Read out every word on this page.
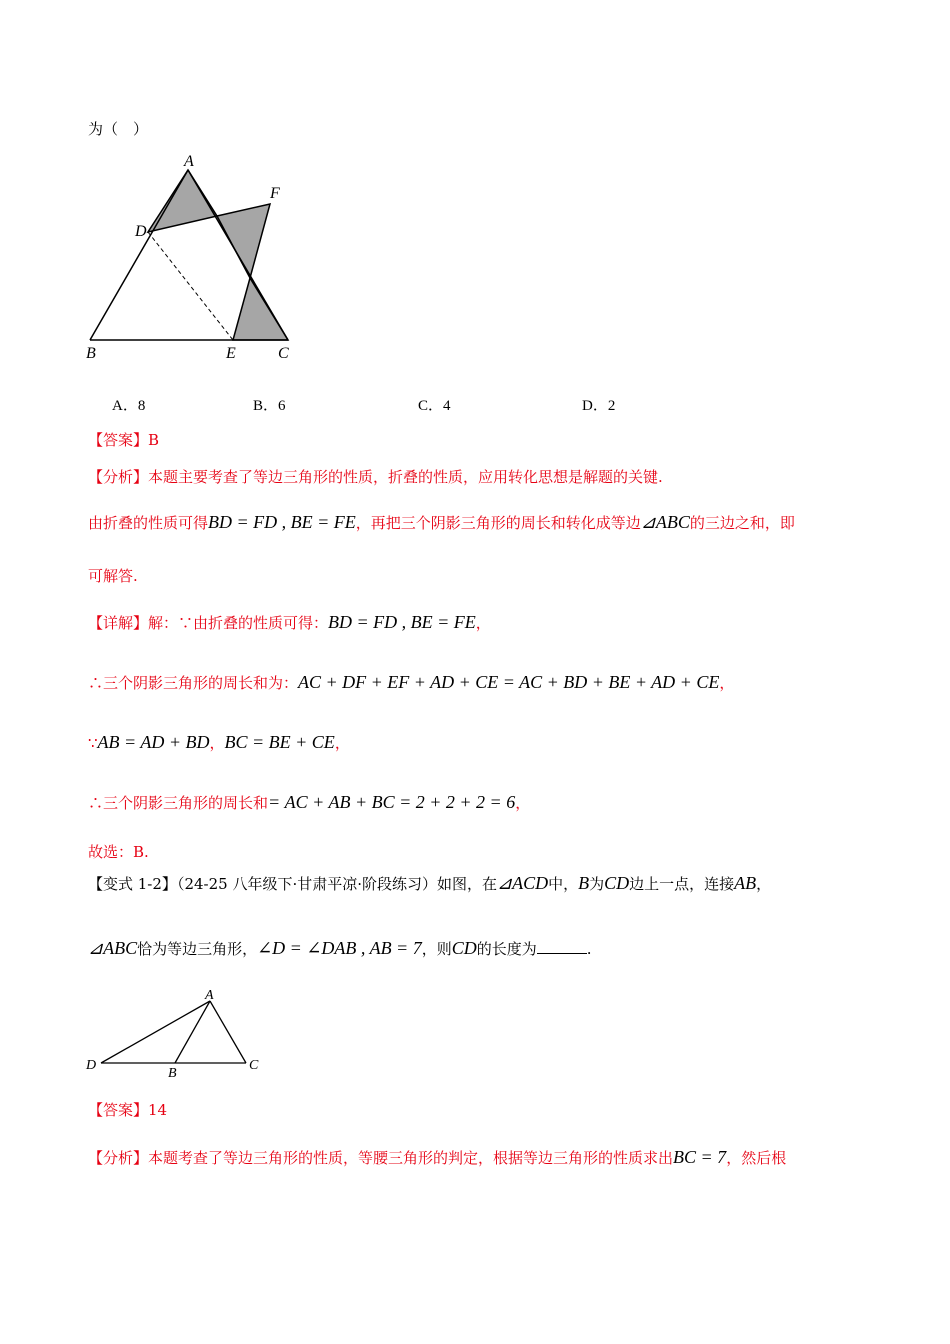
为（　）
A
F
D
B	E	C
A．8	B．6	C．4	D．2
【答案】B
【分析】本题主要考查了等边三角形的性质，折叠的性质，应用转化思想是解题的关键.
由折叠的性质可得BD = FD , BE = FE，再把三个阴影三角形的周长和转化成等边⊿ABC的三边之和，即
可解答.
【详解】解：∵由折叠的性质可得：BD = FD , BE = FE，
∴三个阴影三角形的周长和为：AC + DF + EF + AD + CE = AC + BD + BE + AD + CE，
∵AB = AD + BD，BC = BE + CE，
∴三个阴影三角形的周长和= AC + AB + BC = 2 + 2 + 2 = 6，
故选：B.
【变式 1-2】（24-25 八年级下·甘肃平凉·阶段练习）如图，在⊿ACD中，B为CD边上一点，连接AB，
⊿ABC恰为等边三角形，∠D = ∠DAB , AB = 7，则CD的长度为	.
A
D
B
C
【答案】14
【分析】本题考查了等边三角形的性质，等腰三角形的判定，根据等边三角形的性质求出BC = 7，然后根
